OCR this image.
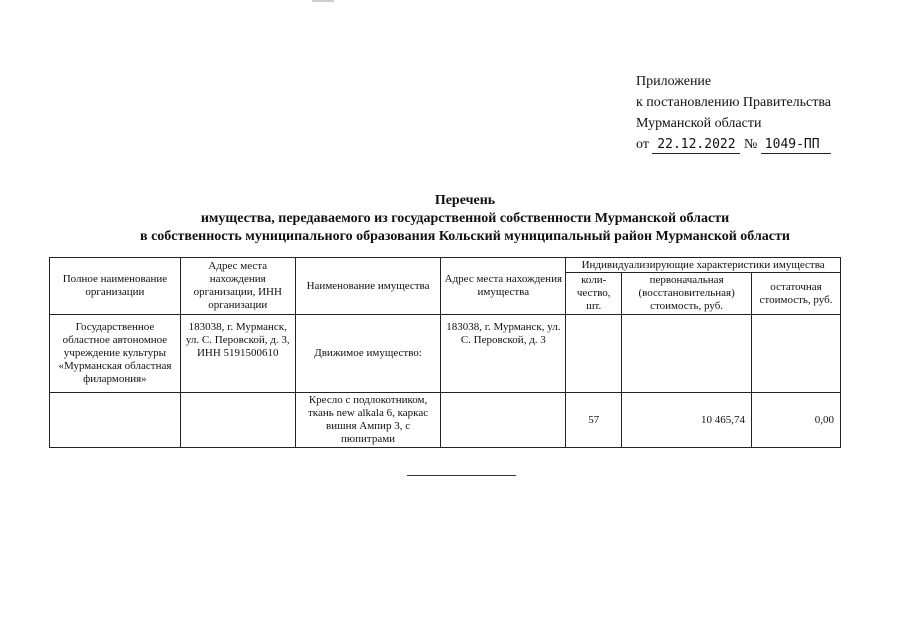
Приложение
к постановлению Правительства
Мурманской области
от 22.12.2022 № 1049-ПП
Перечень
имущества, передаваемого из государственной собственности Мурманской области
в собственность муниципального образования Кольский муниципальный район Мурманской области
Полное наименование организации	Адрес места нахождения организации, ИНН организации	Наименование имущества	Адрес места нахождения имущества	Индивидуализирующие характеристики имущества		
				коли-чество, шт.	первоначальная (восстановительная) стоимость, руб.	остаточная стоимость, руб.
Государственное областное автономное учреждение культуры «Мурманская областная филармония»	183038, г. Мурманск, ул. С. Перовской, д. 3, ИНН 5191500610	Движимое имущество:	183038, г. Мурманск, ул. С. Перовской, д. 3			
		Кресло с подлокотником, ткань new alkala 6, каркас вишня Ампир 3, с пюпитрами		57	10 465,74	0,00
